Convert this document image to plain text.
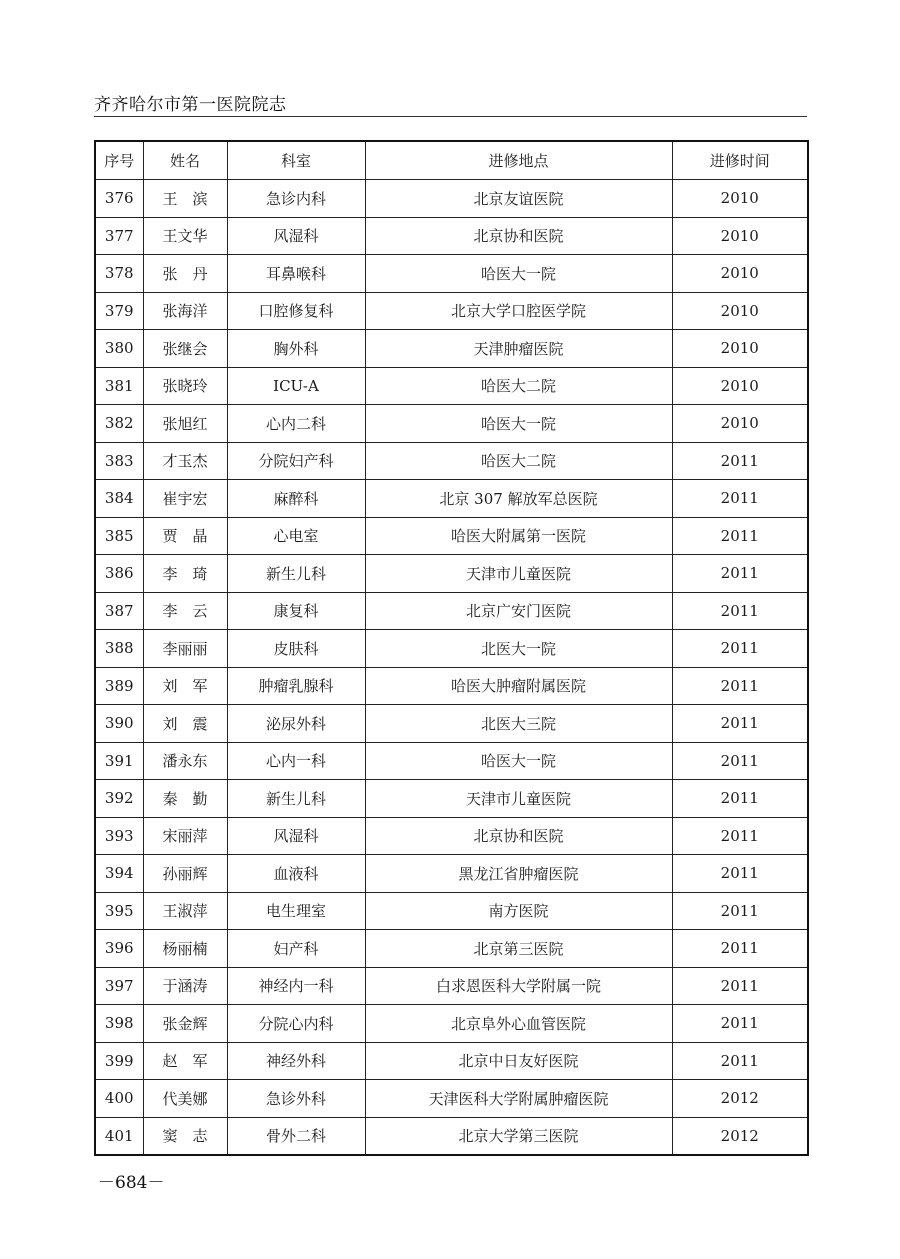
齐齐哈尔市第一医院院志
序号	姓名	科室	进修地点	进修时间
376	王　滨	急诊内科	北京友谊医院	2010
377	王文华	风湿科	北京协和医院	2010
378	张　丹	耳鼻喉科	哈医大一院	2010
379	张海洋	口腔修复科	北京大学口腔医学院	2010
380	张继会	胸外科	天津肿瘤医院	2010
381	张晓玲	ICU-A	哈医大二院	2010
382	张旭红	心内二科	哈医大一院	2010
383	才玉杰	分院妇产科	哈医大二院	2011
384	崔宇宏	麻醉科	北京 307 解放军总医院	2011
385	贾　晶	心电室	哈医大附属第一医院	2011
386	李　琦	新生儿科	天津市儿童医院	2011
387	李　云	康复科	北京广安门医院	2011
388	李丽丽	皮肤科	北医大一院	2011
389	刘　军	肿瘤乳腺科	哈医大肿瘤附属医院	2011
390	刘　震	泌尿外科	北医大三院	2011
391	潘永东	心内一科	哈医大一院	2011
392	秦　勤	新生儿科	天津市儿童医院	2011
393	宋丽萍	风湿科	北京协和医院	2011
394	孙丽辉	血液科	黑龙江省肿瘤医院	2011
395	王淑萍	电生理室	南方医院	2011
396	杨丽楠	妇产科	北京第三医院	2011
397	于涵涛	神经内一科	白求恩医科大学附属一院	2011
398	张金辉	分院心内科	北京阜外心血管医院	2011
399	赵　军	神经外科	北京中日友好医院	2011
400	代美娜	急诊外科	天津医科大学附属肿瘤医院	2012
401	窦　志	骨外二科	北京大学第三医院	2012
－684－
